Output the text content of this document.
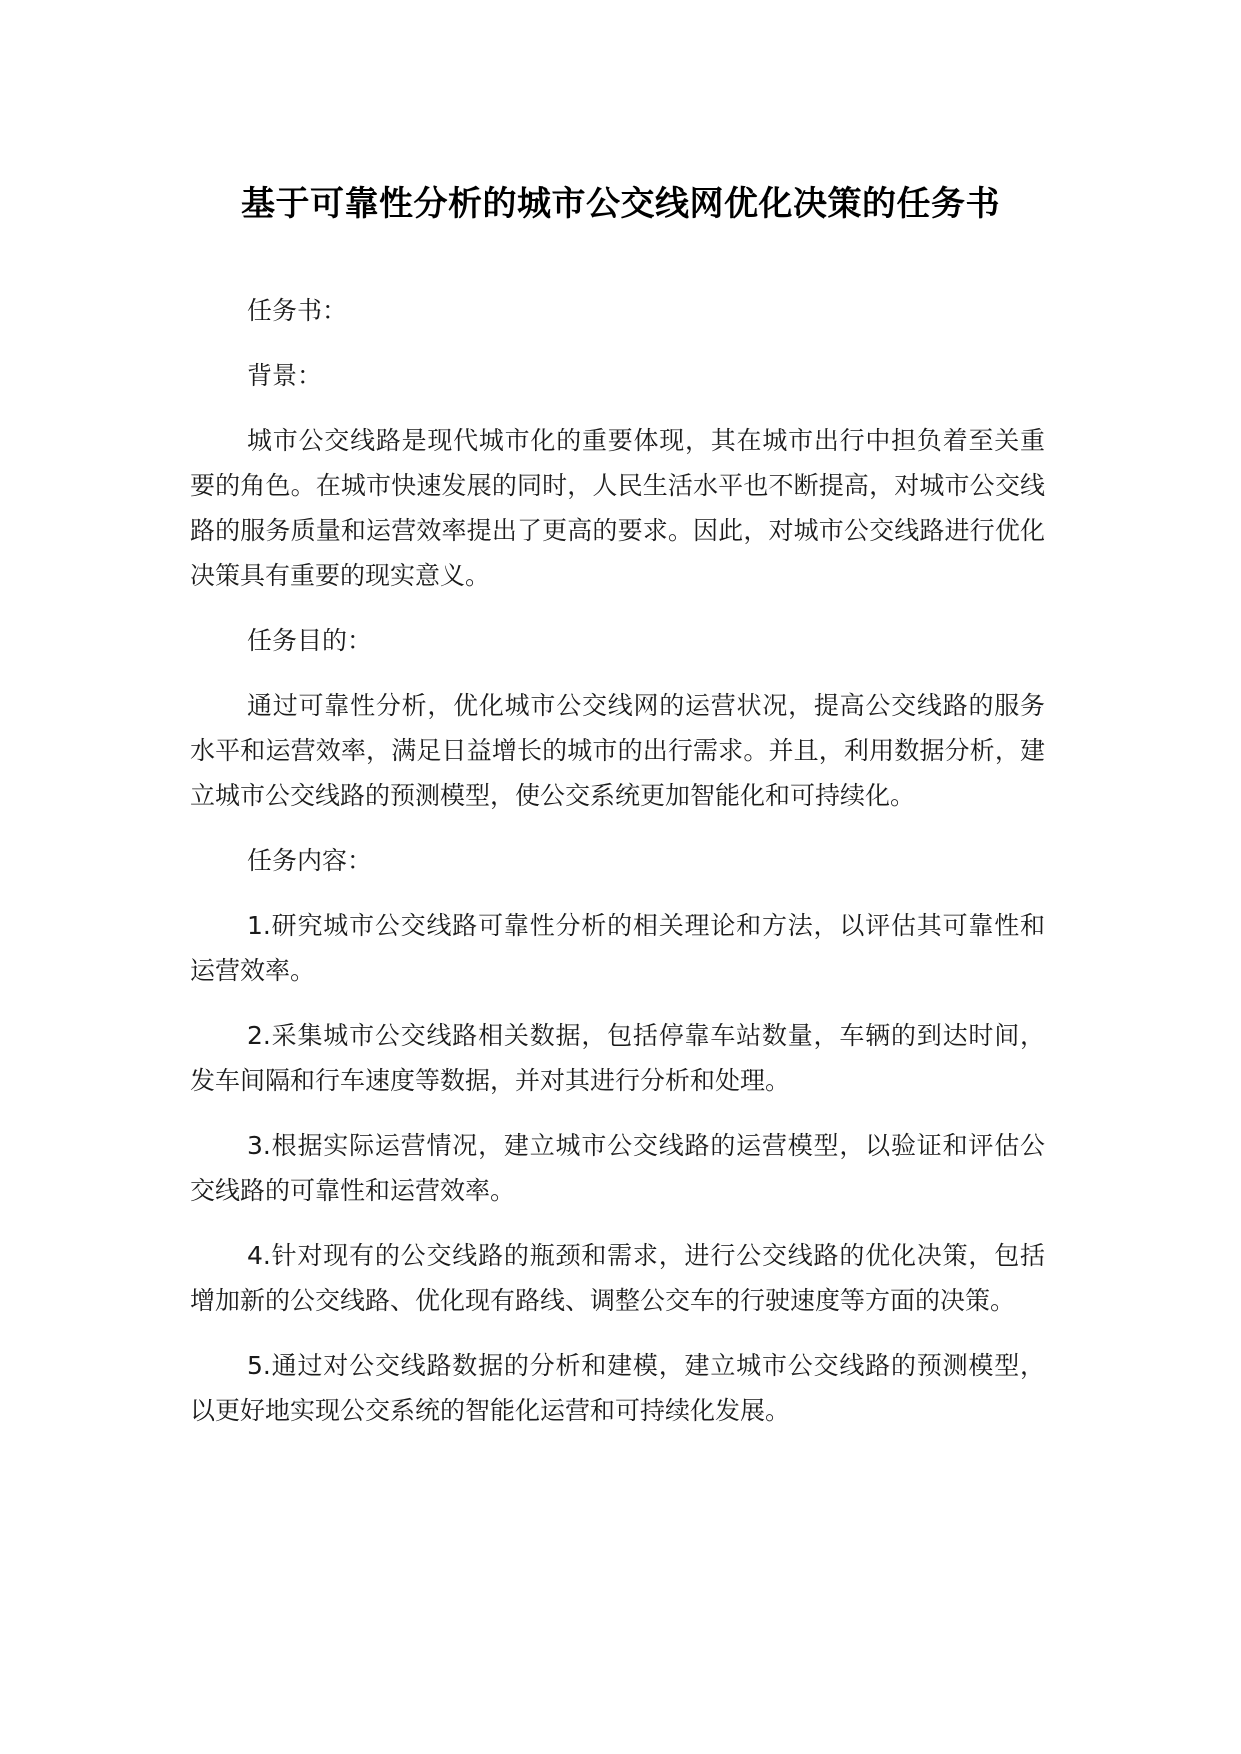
基于可靠性分析的城市公交线网优化决策的任务书

任务书：

背景：

城市公交线路是现代城市化的重要体现，其在城市出行中担负着至关重要的角色。在城市快速发展的同时，人民生活水平也不断提高，对城市公交线路的服务质量和运营效率提出了更高的要求。因此，对城市公交线路进行优化决策具有重要的现实意义。

任务目的：

通过可靠性分析，优化城市公交线网的运营状况，提高公交线路的服务水平和运营效率，满足日益增长的城市的出行需求。并且，利用数据分析，建立城市公交线路的预测模型，使公交系统更加智能化和可持续化。

任务内容：

1.研究城市公交线路可靠性分析的相关理论和方法，以评估其可靠性和运营效率。

2.采集城市公交线路相关数据，包括停靠车站数量，车辆的到达时间，发车间隔和行车速度等数据，并对其进行分析和处理。

3.根据实际运营情况，建立城市公交线路的运营模型，以验证和评估公交线路的可靠性和运营效率。

4.针对现有的公交线路的瓶颈和需求，进行公交线路的优化决策，包括增加新的公交线路、优化现有路线、调整公交车的行驶速度等方面的决策。

5.通过对公交线路数据的分析和建模，建立城市公交线路的预测模型，以更好地实现公交系统的智能化运营和可持续化发展。
